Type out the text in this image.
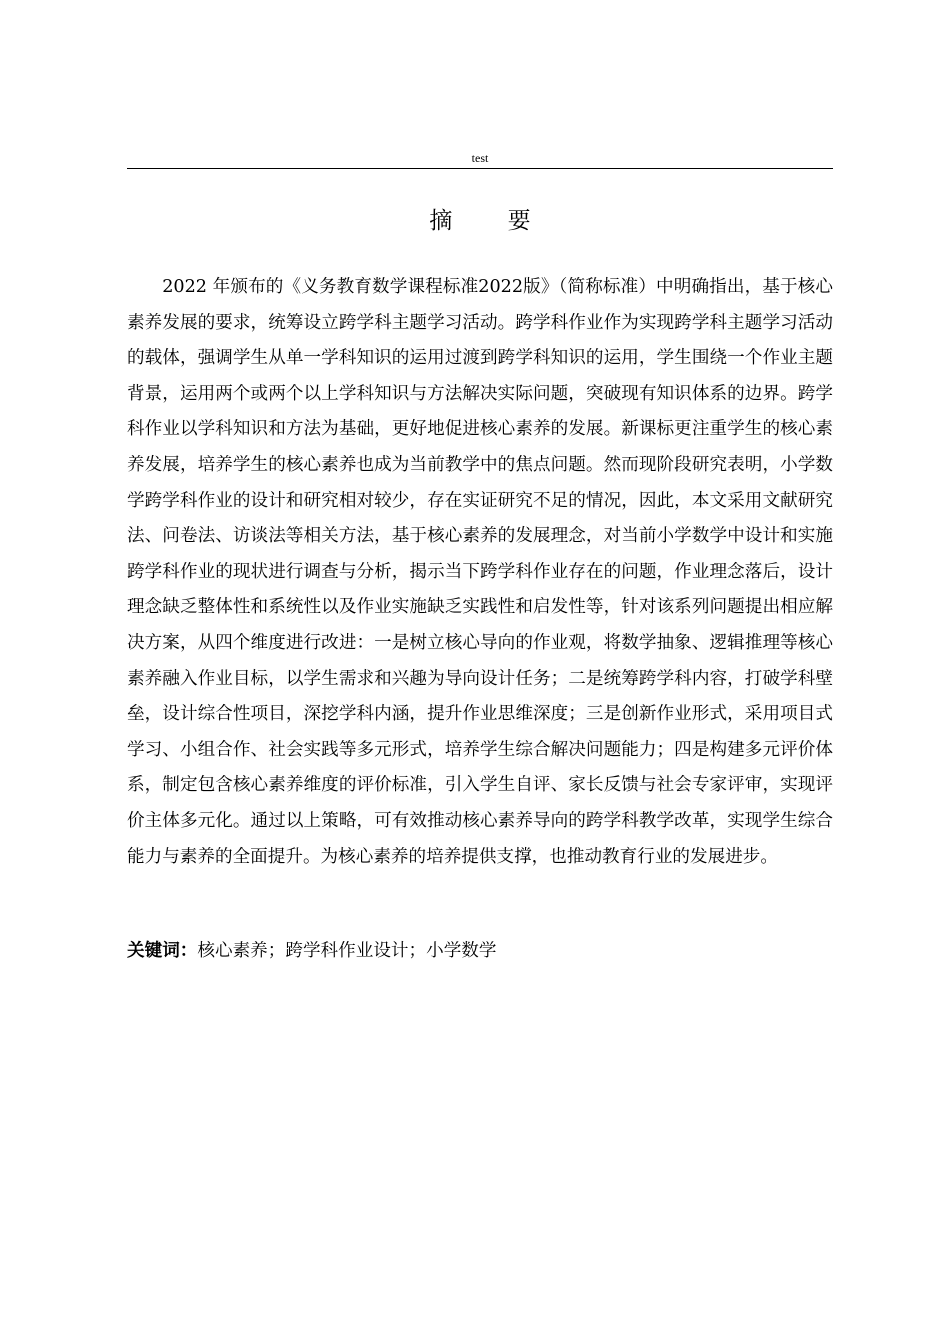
test
摘 要

2022 年颁布的《义务教育数学课程标准2022版》（简称标准）中明确指出，基于核心素养发展的要求，统筹设立跨学科主题学习活动。跨学科作业作为实现跨学科主题学习活动的载体，强调学生从单一学科知识的运用过渡到跨学科知识的运用，学生围绕一个作业主题背景，运用两个或两个以上学科知识与方法解决实际问题，突破现有知识体系的边界。跨学科作业以学科知识和方法为基础，更好地促进核心素养的发展。新课标更注重学生的核心素养发展，培养学生的核心素养也成为当前教学中的焦点问题。然而现阶段研究表明，小学数学跨学科作业的设计和研究相对较少，存在实证研究不足的情况，因此，本文采用文献研究法、问卷法、访谈法等相关方法，基于核心素养的发展理念，对当前小学数学中设计和实施跨学科作业的现状进行调查与分析，揭示当下跨学科作业存在的问题，作业理念落后，设计理念缺乏整体性和系统性以及作业实施缺乏实践性和启发性等，针对该系列问题提出相应解决方案，从四个维度进行改进：一是树立核心导向的作业观，将数学抽象、逻辑推理等核心素养融入作业目标，以学生需求和兴趣为导向设计任务；二是统筹跨学科内容，打破学科壁垒，设计综合性项目，深挖学科内涵，提升作业思维深度；三是创新作业形式，采用项目式学习、小组合作、社会实践等多元形式，培养学生综合解决问题能力；四是构建多元评价体系，制定包含核心素养维度的评价标准，引入学生自评、家长反馈与社会专家评审，实现评价主体多元化。通过以上策略，可有效推动核心素养导向的跨学科教学改革，实现学生综合能力与素养的全面提升。为核心素养的培养提供支撑，也推动教育行业的发展进步。

关键词：核心素养；跨学科作业设计；小学数学
